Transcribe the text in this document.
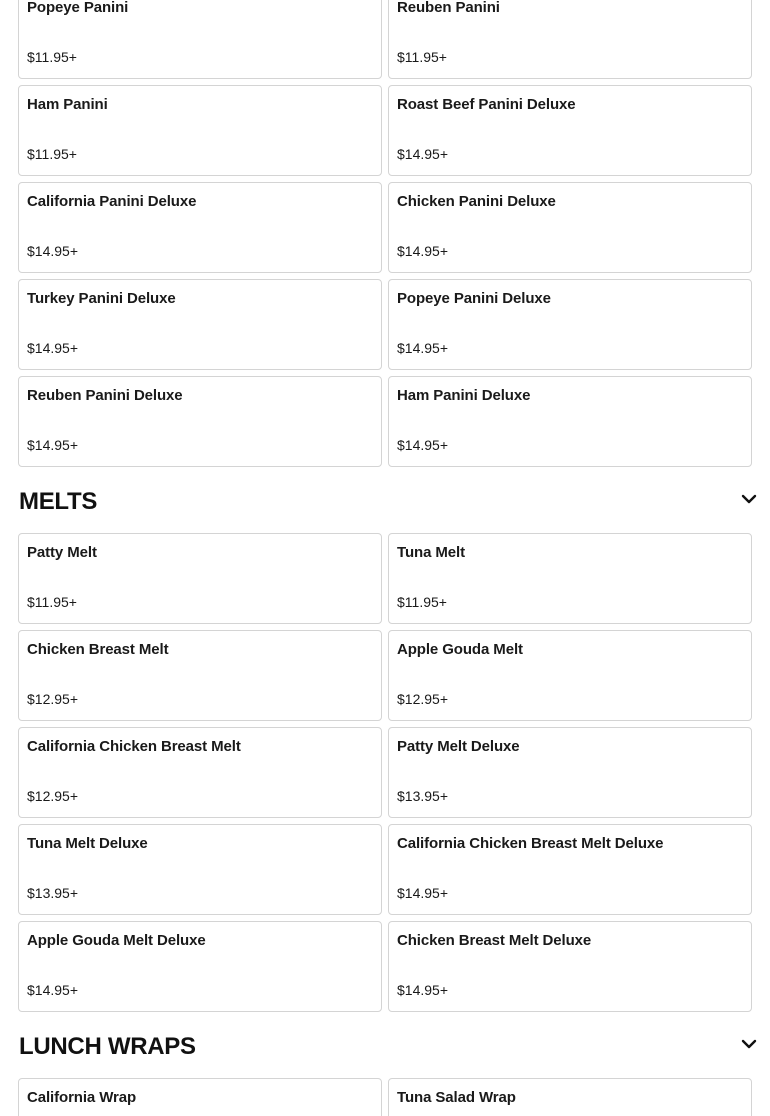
Popeye Panini
$11.95+
Reuben Panini
$11.95+
Ham Panini
$11.95+
Roast Beef Panini Deluxe
$14.95+
California Panini Deluxe
$14.95+
Chicken Panini Deluxe
$14.95+
Turkey Panini Deluxe
$14.95+
Popeye Panini Deluxe
$14.95+
Reuben Panini Deluxe
$14.95+
Ham Panini Deluxe
$14.95+
MELTS
Patty Melt
$11.95+
Tuna Melt
$11.95+
Chicken Breast Melt
$12.95+
Apple Gouda Melt
$12.95+
California Chicken Breast Melt
$12.95+
Patty Melt Deluxe
$13.95+
Tuna Melt Deluxe
$13.95+
California Chicken Breast Melt Deluxe
$14.95+
Apple Gouda Melt Deluxe
$14.95+
Chicken Breast Melt Deluxe
$14.95+
LUNCH WRAPS
California Wrap	Tuna Salad Wrap
